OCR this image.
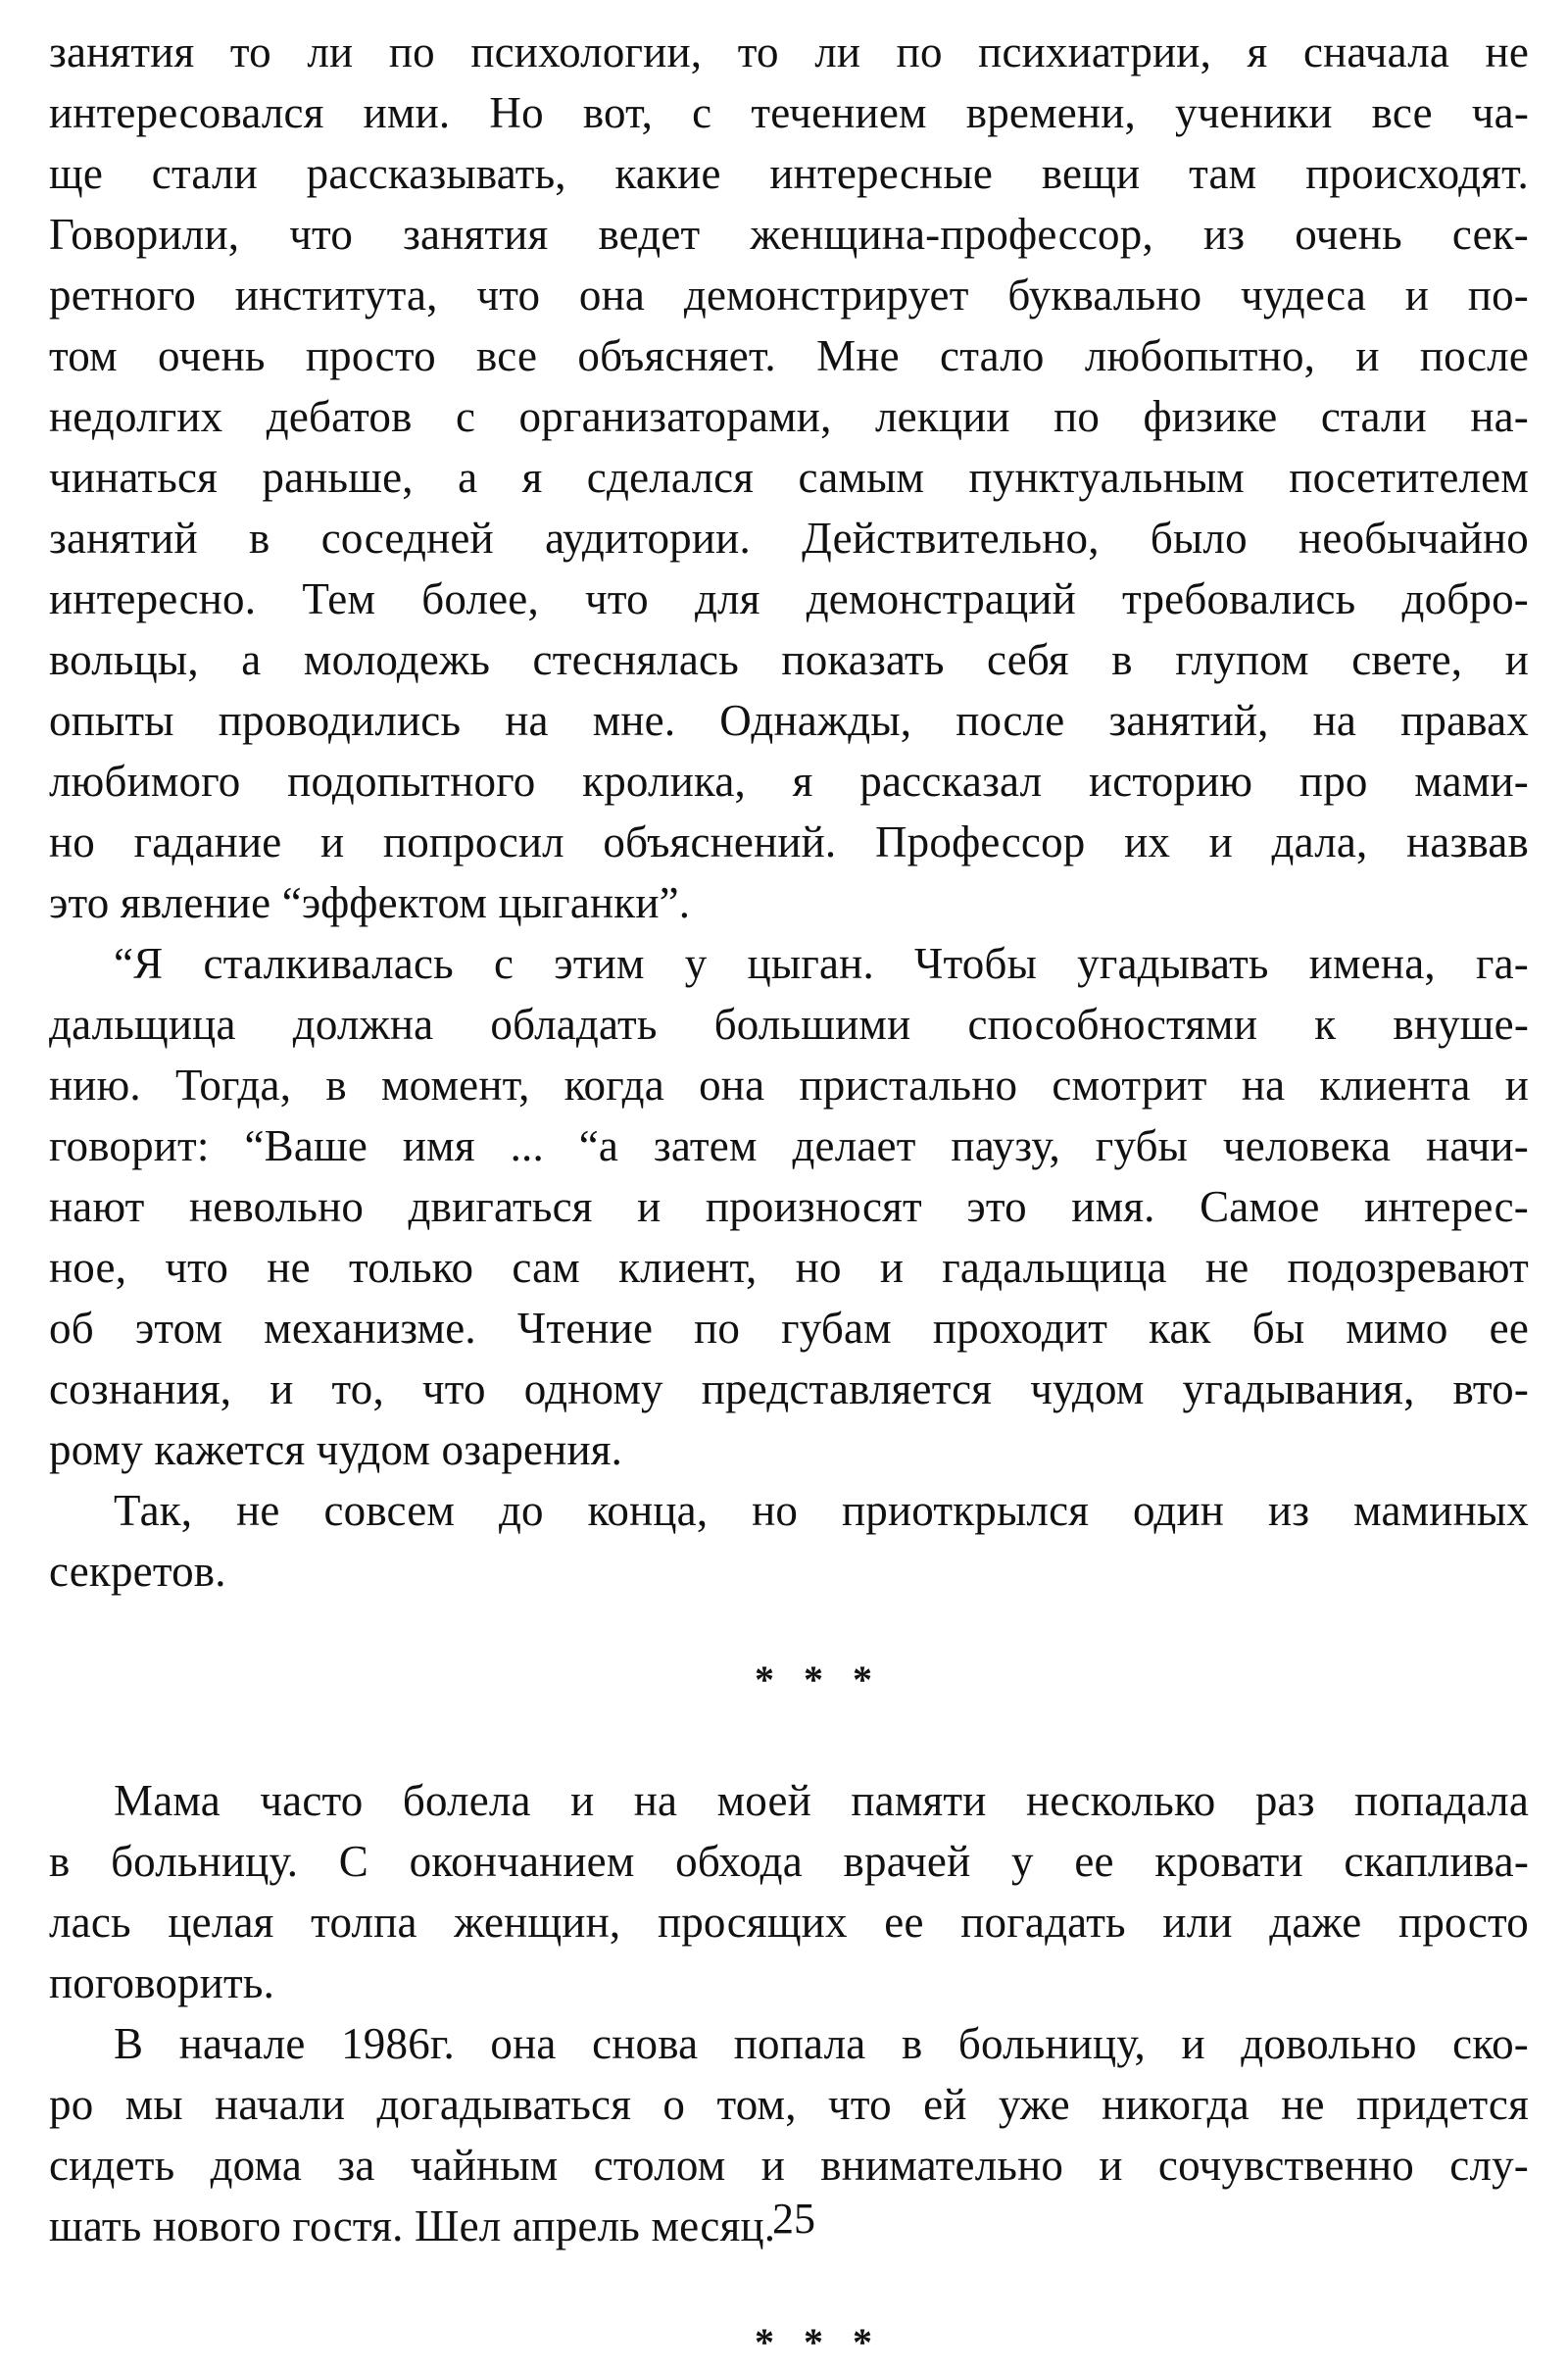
занятия то ли по психологии, то ли по психиатрии, я сначала не
интересовался ими. Но вот, с течением времени, ученики все ча-
ще стали рассказывать, какие интересные вещи там происходят.
Говорили, что занятия ведет женщина-профессор, из очень сек-
ретного института, что она демонстрирует буквально чудеса и по-
том очень просто все объясняет. Мне стало любопытно, и после
недолгих дебатов с организаторами, лекции по физике стали на-
чинаться раньше, а я сделался самым пунктуальным посетителем
занятий в соседней аудитории. Действительно, было необычайно
интересно. Тем более, что для демонстраций требовались добро-
вольцы, а молодежь стеснялась показать себя в глупом свете, и
опыты проводились на мне. Однажды, после занятий, на правах
любимого подопытного кролика, я рассказал историю про мами-
но гадание и попросил объяснений. Профессор их и дала, назвав
это явление “эффектом цыганки”.
“Я сталкивалась с этим у цыган. Чтобы угадывать имена, га-
дальщица должна обладать большими способностями к внуше-
нию. Тогда, в момент, когда она пристально смотрит на клиента и
говорит: “Ваше имя ... “а затем делает паузу, губы человека начи-
нают невольно двигаться и произносят это имя. Самое интерес-
ное, что не только сам клиент, но и гадальщица не подозревают
об этом механизме. Чтение по губам проходит как бы мимо ее
сознания, и то, что одному представляется чудом угадывания, вто-
рому кажется чудом озарения.
Так, не совсем до конца, но приоткрылся один из маминых
секретов.
* * *
Мама часто болела и на моей памяти несколько раз попадала
в больницу. С окончанием обхода врачей у ее кровати скаплива-
лась целая толпа женщин, просящих ее погадать или даже просто
поговорить.
В начале 1986г. она снова попала в больницу, и довольно ско-
ро мы начали догадываться о том, что ей уже никогда не придется
сидеть дома за чайным столом и внимательно и сочувственно слу-
шать нового гостя. Шел апрель месяц.
* * *
25
